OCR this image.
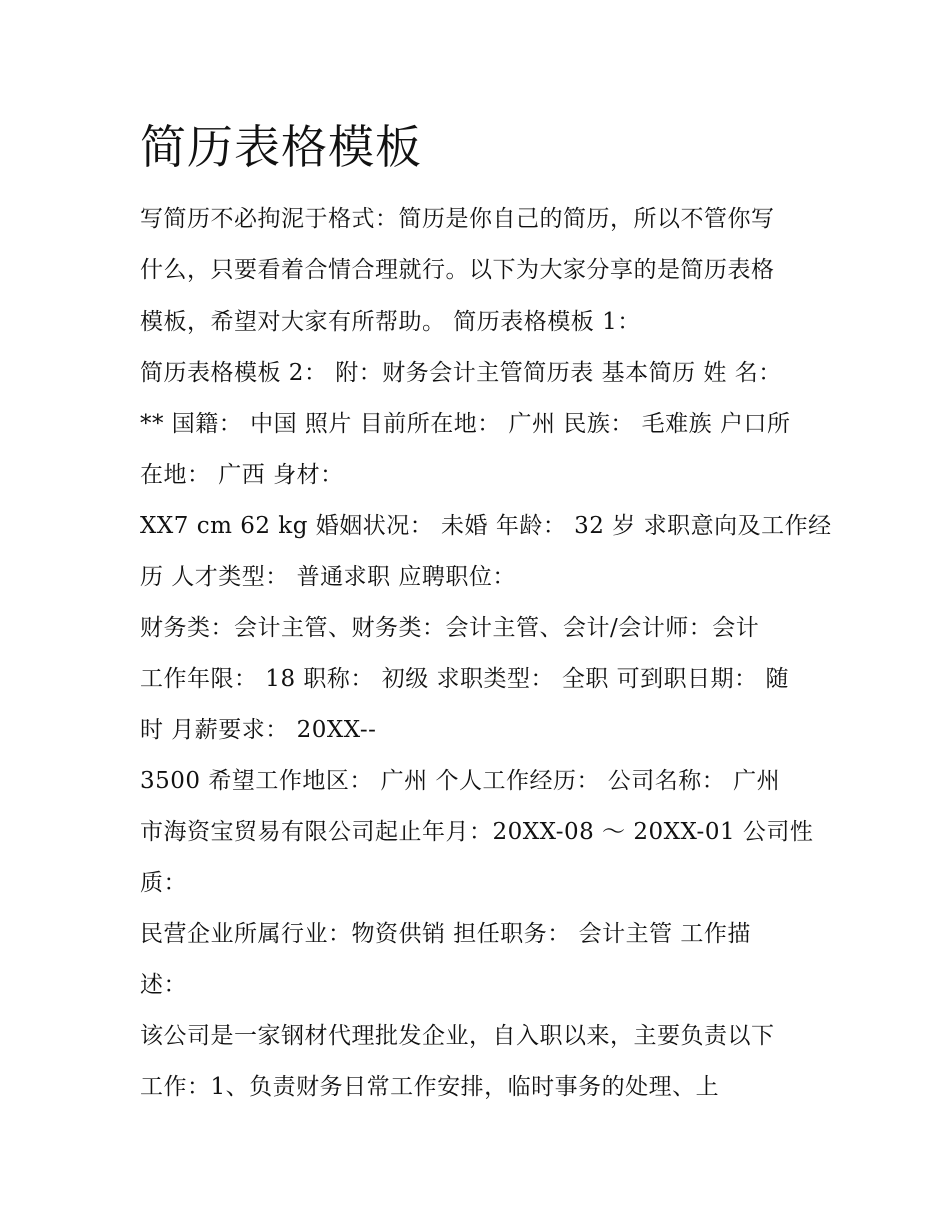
简历表格模板

写简历不必拘泥于格式：简历是你自己的简历，所以不管你写

什么，只要看着合情合理就行。以下为大家分享的是简历表格

模板，希望对大家有所帮助。 简历表格模板 1：

简历表格模板 2： 附：财务会计主管简历表 基本简历 姓 名：

** 国籍： 中国 照片 目前所在地： 广州 民族： 毛难族 户口所

在地： 广西 身材：

XX7 cm 62 kg 婚姻状况： 未婚 年龄： 32 岁 求职意向及工作经

历 人才类型： 普通求职 应聘职位：

财务类：会计主管、财务类：会计主管、会计/会计师：会计

工作年限： 18 职称： 初级 求职类型： 全职 可到职日期： 随

时 月薪要求： 20XX--

3500 希望工作地区： 广州 个人工作经历： 公司名称： 广州

市海资宝贸易有限公司起止年月：20XX-08 ～ 20XX-01 公司性

质：

民营企业所属行业：物资供销 担任职务： 会计主管 工作描

述：

该公司是一家钢材代理批发企业，自入职以来，主要负责以下

工作：1、负责财务日常工作安排，临时事务的处理、上
